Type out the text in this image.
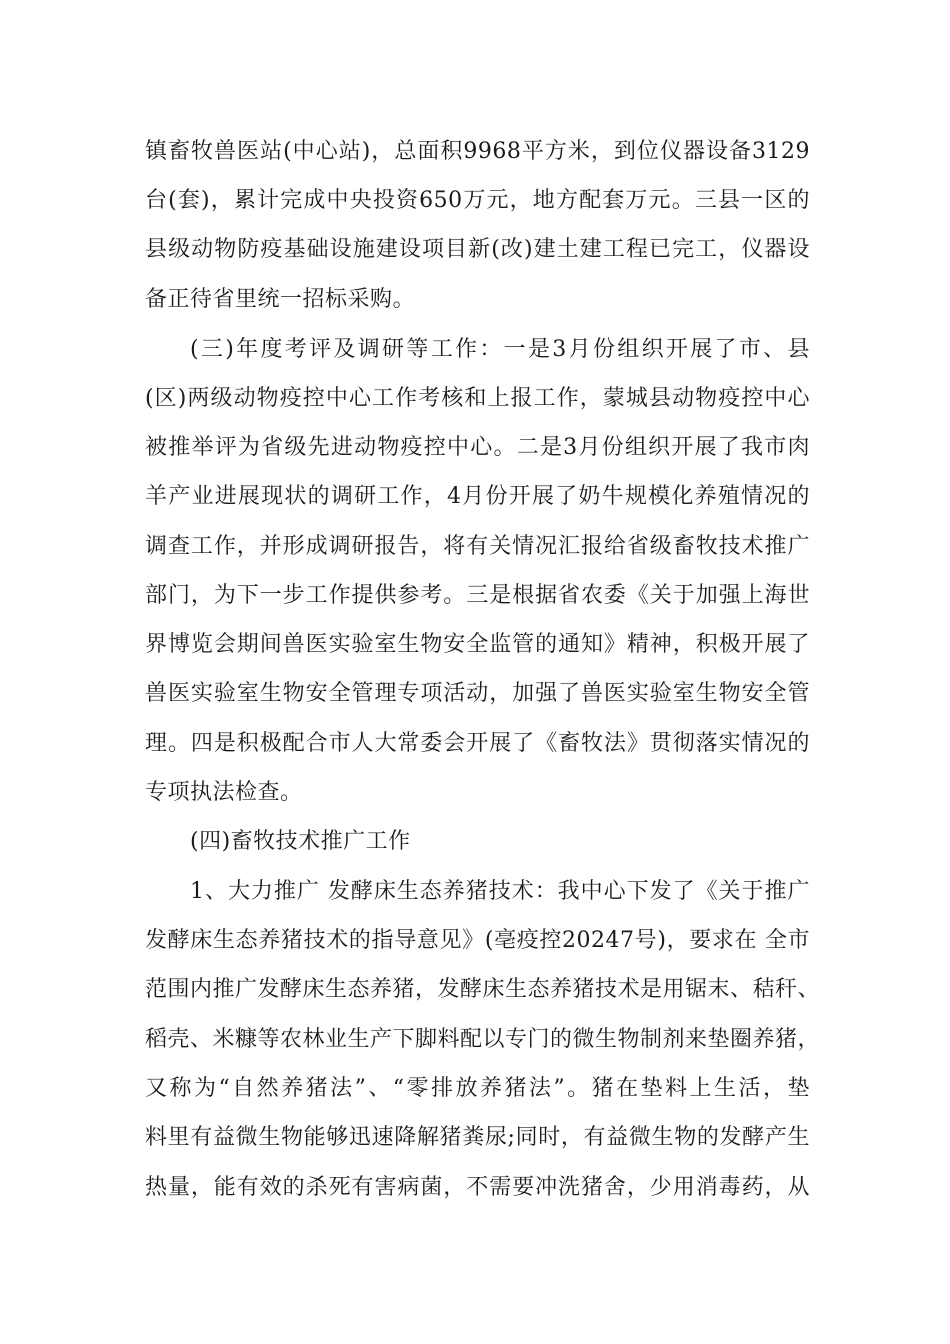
镇畜牧兽医站(中心站)，总面积9968平方米，到位仪器设备3129
台(套)，累计完成中央投资650万元，地方配套万元。三县一区的
县级动物防疫基础设施建设项目新(改)建土建工程已完工，仪器设
备正待省里统一招标采购。
(三)年度考评及调研等工作：一是3月份组织开展了市、县
(区)两级动物疫控中心工作考核和上报工作，蒙城县动物疫控中心
被推举评为省级先进动物疫控中心。二是3月份组织开展了我市肉
羊产业进展现状的调研工作，4月份开展了奶牛规模化养殖情况的
调查工作，并形成调研报告，将有关情况汇报给省级畜牧技术推广
部门，为下一步工作提供参考。三是根据省农委《关于加强上海世
界博览会期间兽医实验室生物安全监管的通知》精神，积极开展了
兽医实验室生物安全管理专项活动，加强了兽医实验室生物安全管
理。四是积极配合市人大常委会开展了《畜牧法》贯彻落实情况的
专项执法检查。
(四)畜牧技术推广工作
1、大力推广 发酵床生态养猪技术：我中心下发了《关于推广
发酵床生态养猪技术的指导意见》(亳疫控20247号)，要求在 全市
范围内推广发酵床生态养猪，发酵床生态养猪技术是用锯末、秸秆、
稻壳、米糠等农林业生产下脚料配以专门的微生物制剂来垫圈养猪，
又称为“自然养猪法”、“零排放养猪法”。猪在垫料上生活，垫
料里有益微生物能够迅速降解猪粪尿;同时，有益微生物的发酵产生
热量，能有效的杀死有害病菌，不需要冲洗猪舍，少用消毒药，从
